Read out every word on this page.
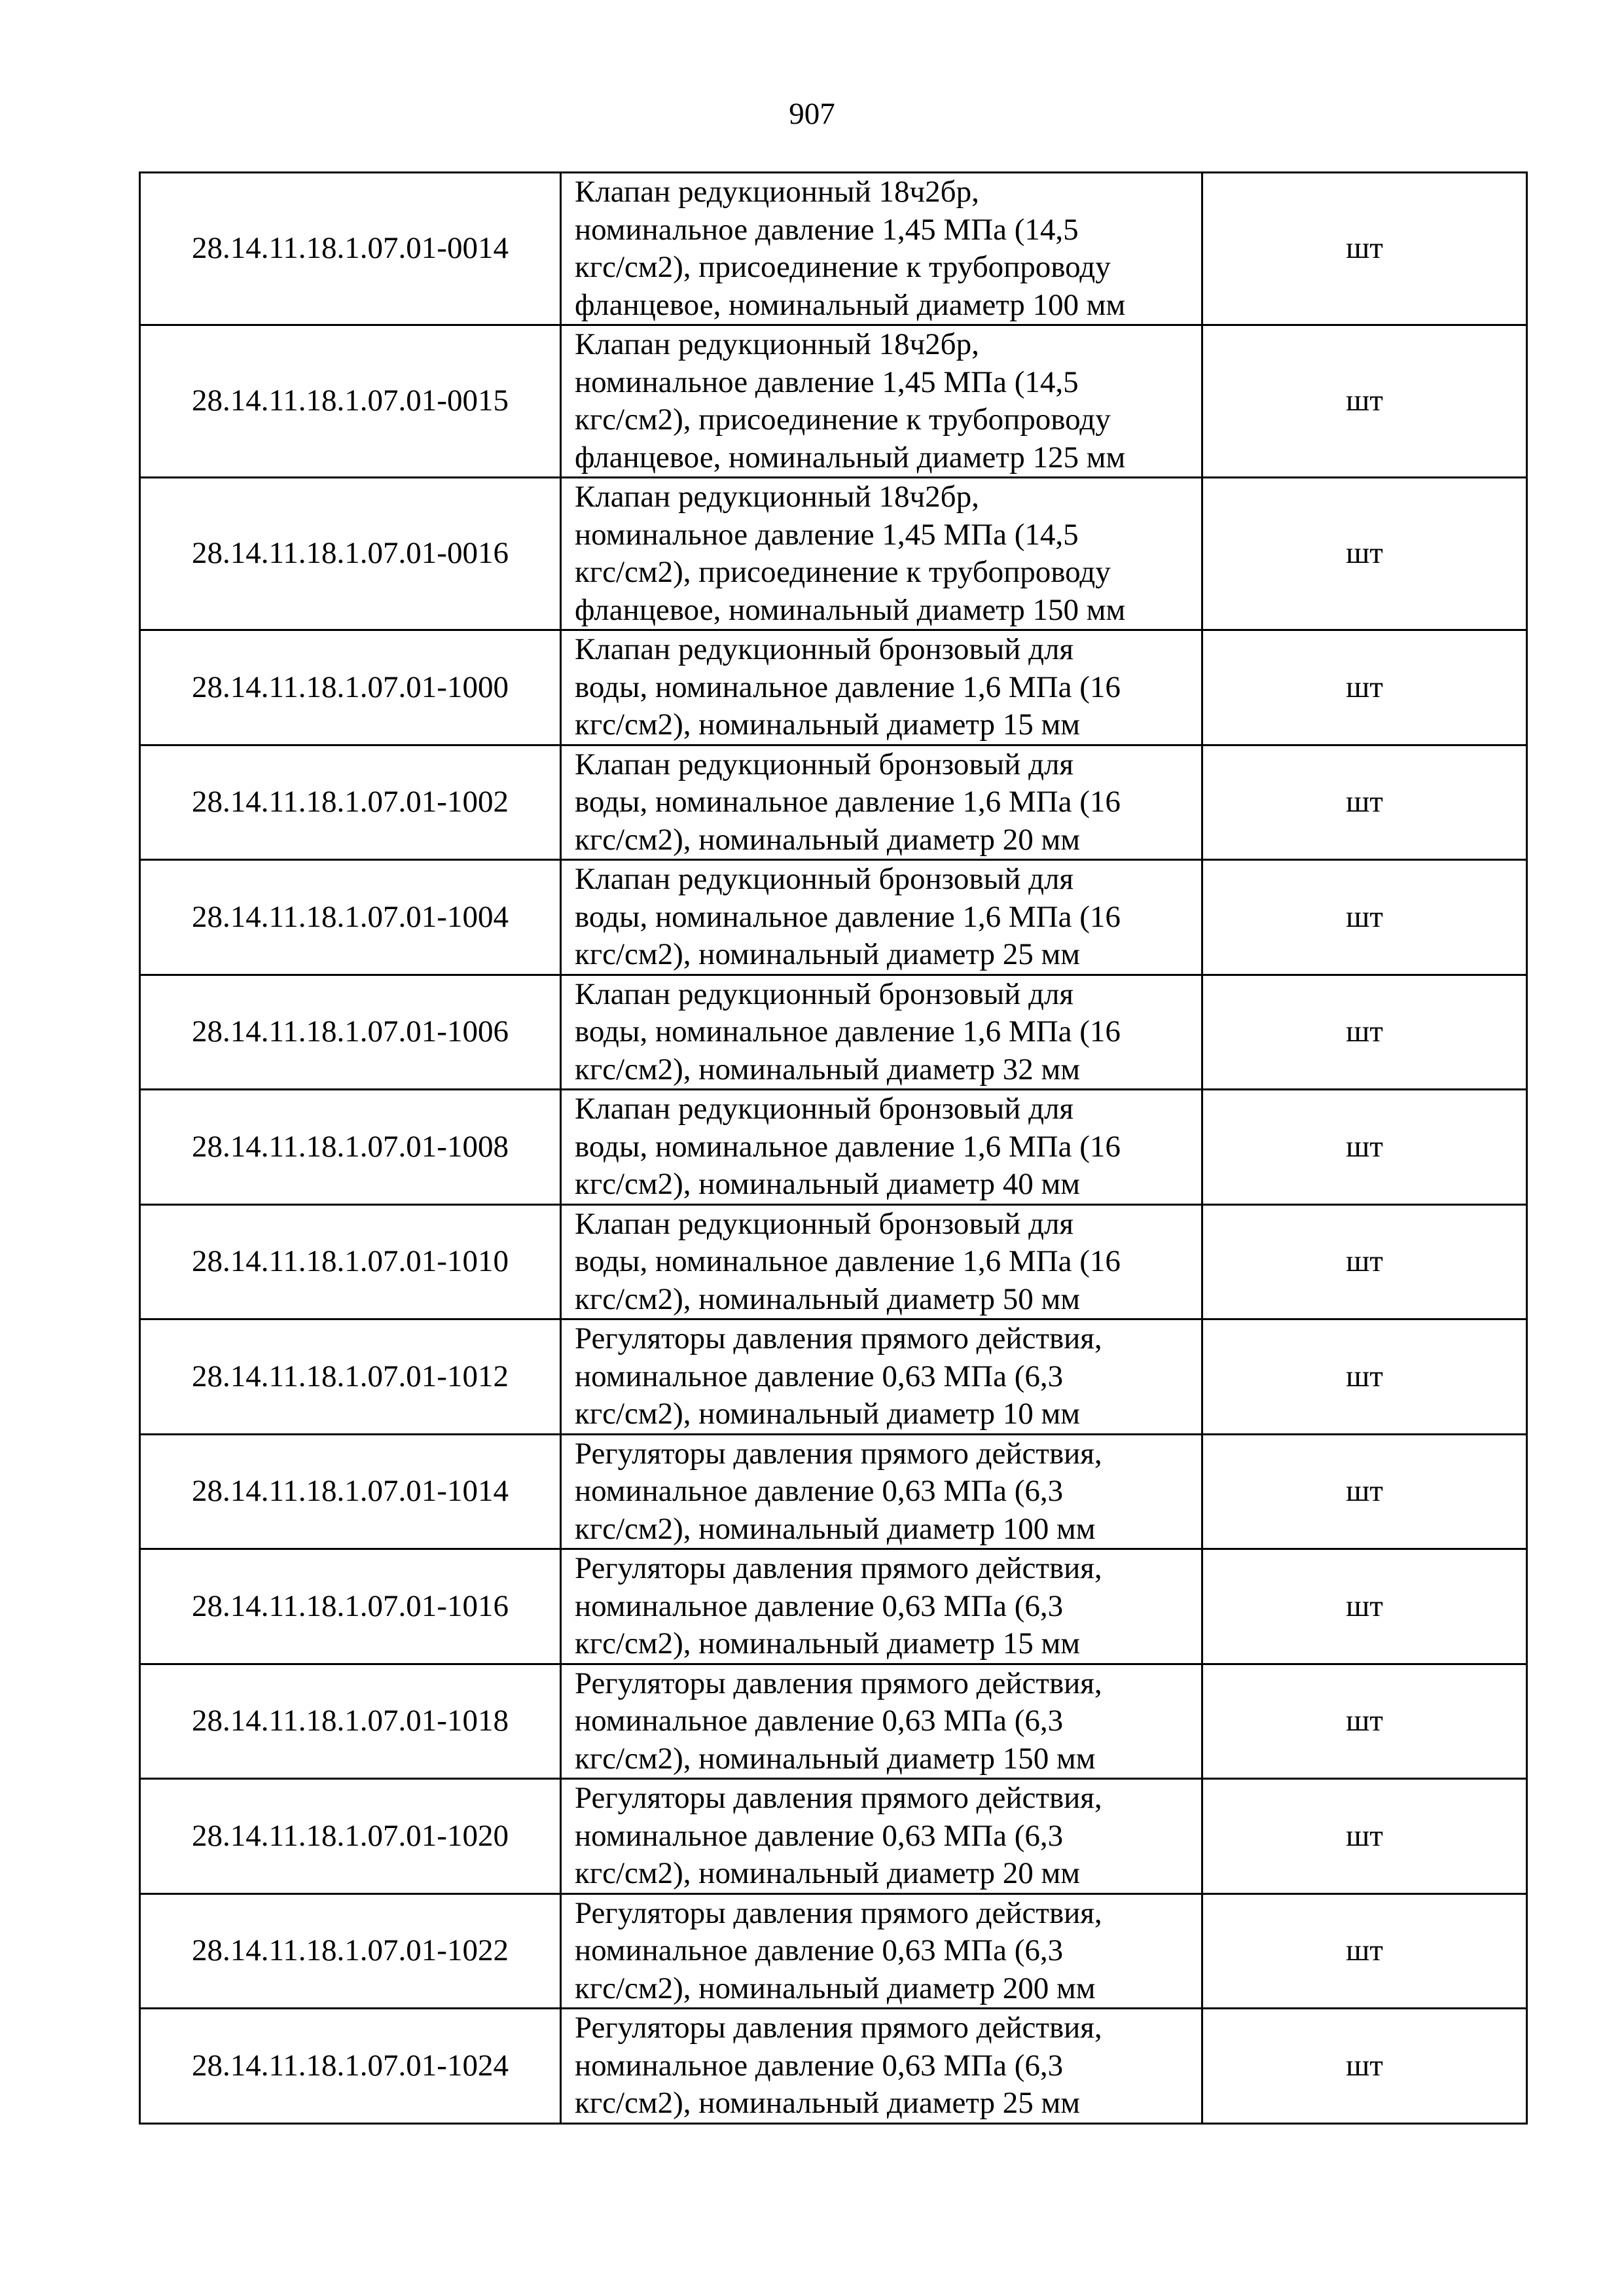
907
28.14.11.18.1.07.01-0014	Клапан редукционный 18ч2бр,
номинальное давление 1,45 МПа (14,5
кгс/см2), присоединение к трубопроводу
фланцевое, номинальный диаметр 100 мм	шт
28.14.11.18.1.07.01-0015	Клапан редукционный 18ч2бр,
номинальное давление 1,45 МПа (14,5
кгс/см2), присоединение к трубопроводу
фланцевое, номинальный диаметр 125 мм	шт
28.14.11.18.1.07.01-0016	Клапан редукционный 18ч2бр,
номинальное давление 1,45 МПа (14,5
кгс/см2), присоединение к трубопроводу
фланцевое, номинальный диаметр 150 мм	шт
28.14.11.18.1.07.01-1000	Клапан редукционный бронзовый для
воды, номинальное давление 1,6 МПа (16
кгс/см2), номинальный диаметр 15 мм	шт
28.14.11.18.1.07.01-1002	Клапан редукционный бронзовый для
воды, номинальное давление 1,6 МПа (16
кгс/см2), номинальный диаметр 20 мм	шт
28.14.11.18.1.07.01-1004	Клапан редукционный бронзовый для
воды, номинальное давление 1,6 МПа (16
кгс/см2), номинальный диаметр 25 мм	шт
28.14.11.18.1.07.01-1006	Клапан редукционный бронзовый для
воды, номинальное давление 1,6 МПа (16
кгс/см2), номинальный диаметр 32 мм	шт
28.14.11.18.1.07.01-1008	Клапан редукционный бронзовый для
воды, номинальное давление 1,6 МПа (16
кгс/см2), номинальный диаметр 40 мм	шт
28.14.11.18.1.07.01-1010	Клапан редукционный бронзовый для
воды, номинальное давление 1,6 МПа (16
кгс/см2), номинальный диаметр 50 мм	шт
28.14.11.18.1.07.01-1012	Регуляторы давления прямого действия,
номинальное давление 0,63 МПа (6,3
кгс/см2), номинальный диаметр 10 мм	шт
28.14.11.18.1.07.01-1014	Регуляторы давления прямого действия,
номинальное давление 0,63 МПа (6,3
кгс/см2), номинальный диаметр 100 мм	шт
28.14.11.18.1.07.01-1016	Регуляторы давления прямого действия,
номинальное давление 0,63 МПа (6,3
кгс/см2), номинальный диаметр 15 мм	шт
28.14.11.18.1.07.01-1018	Регуляторы давления прямого действия,
номинальное давление 0,63 МПа (6,3
кгс/см2), номинальный диаметр 150 мм	шт
28.14.11.18.1.07.01-1020	Регуляторы давления прямого действия,
номинальное давление 0,63 МПа (6,3
кгс/см2), номинальный диаметр 20 мм	шт
28.14.11.18.1.07.01-1022	Регуляторы давления прямого действия,
номинальное давление 0,63 МПа (6,3
кгс/см2), номинальный диаметр 200 мм	шт
28.14.11.18.1.07.01-1024	Регуляторы давления прямого действия,
номинальное давление 0,63 МПа (6,3
кгс/см2), номинальный диаметр 25 мм	шт
